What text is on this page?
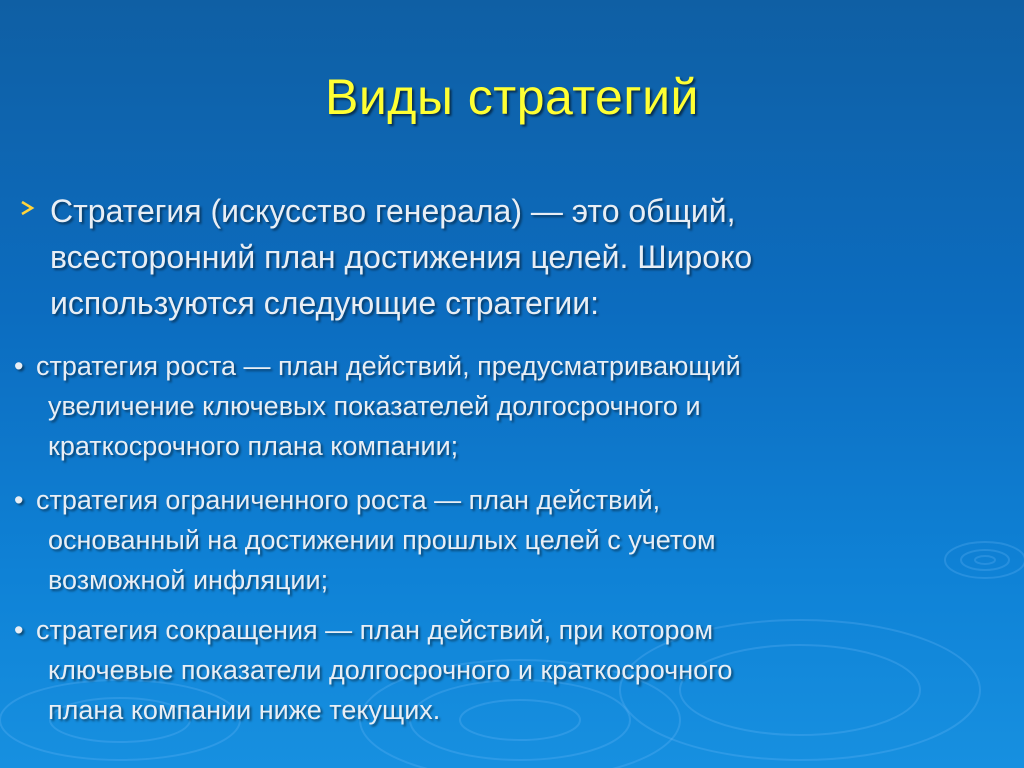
Виды стратегий
Стратегия (искусство генерала) — это общий,
всесторонний план достижения целей. Широко
используются следующие стратегии:
• стратегия роста — план действий, предусматривающий
увеличение ключевых показателей долгосрочного и
краткосрочного плана компании;
• стратегия ограниченного роста — план действий,
основанный на достижении прошлых целей с учетом
возможной инфляции;
• стратегия сокращения — план действий, при котором
ключевые показатели долгосрочного и краткосрочного
плана компании ниже текущих.
